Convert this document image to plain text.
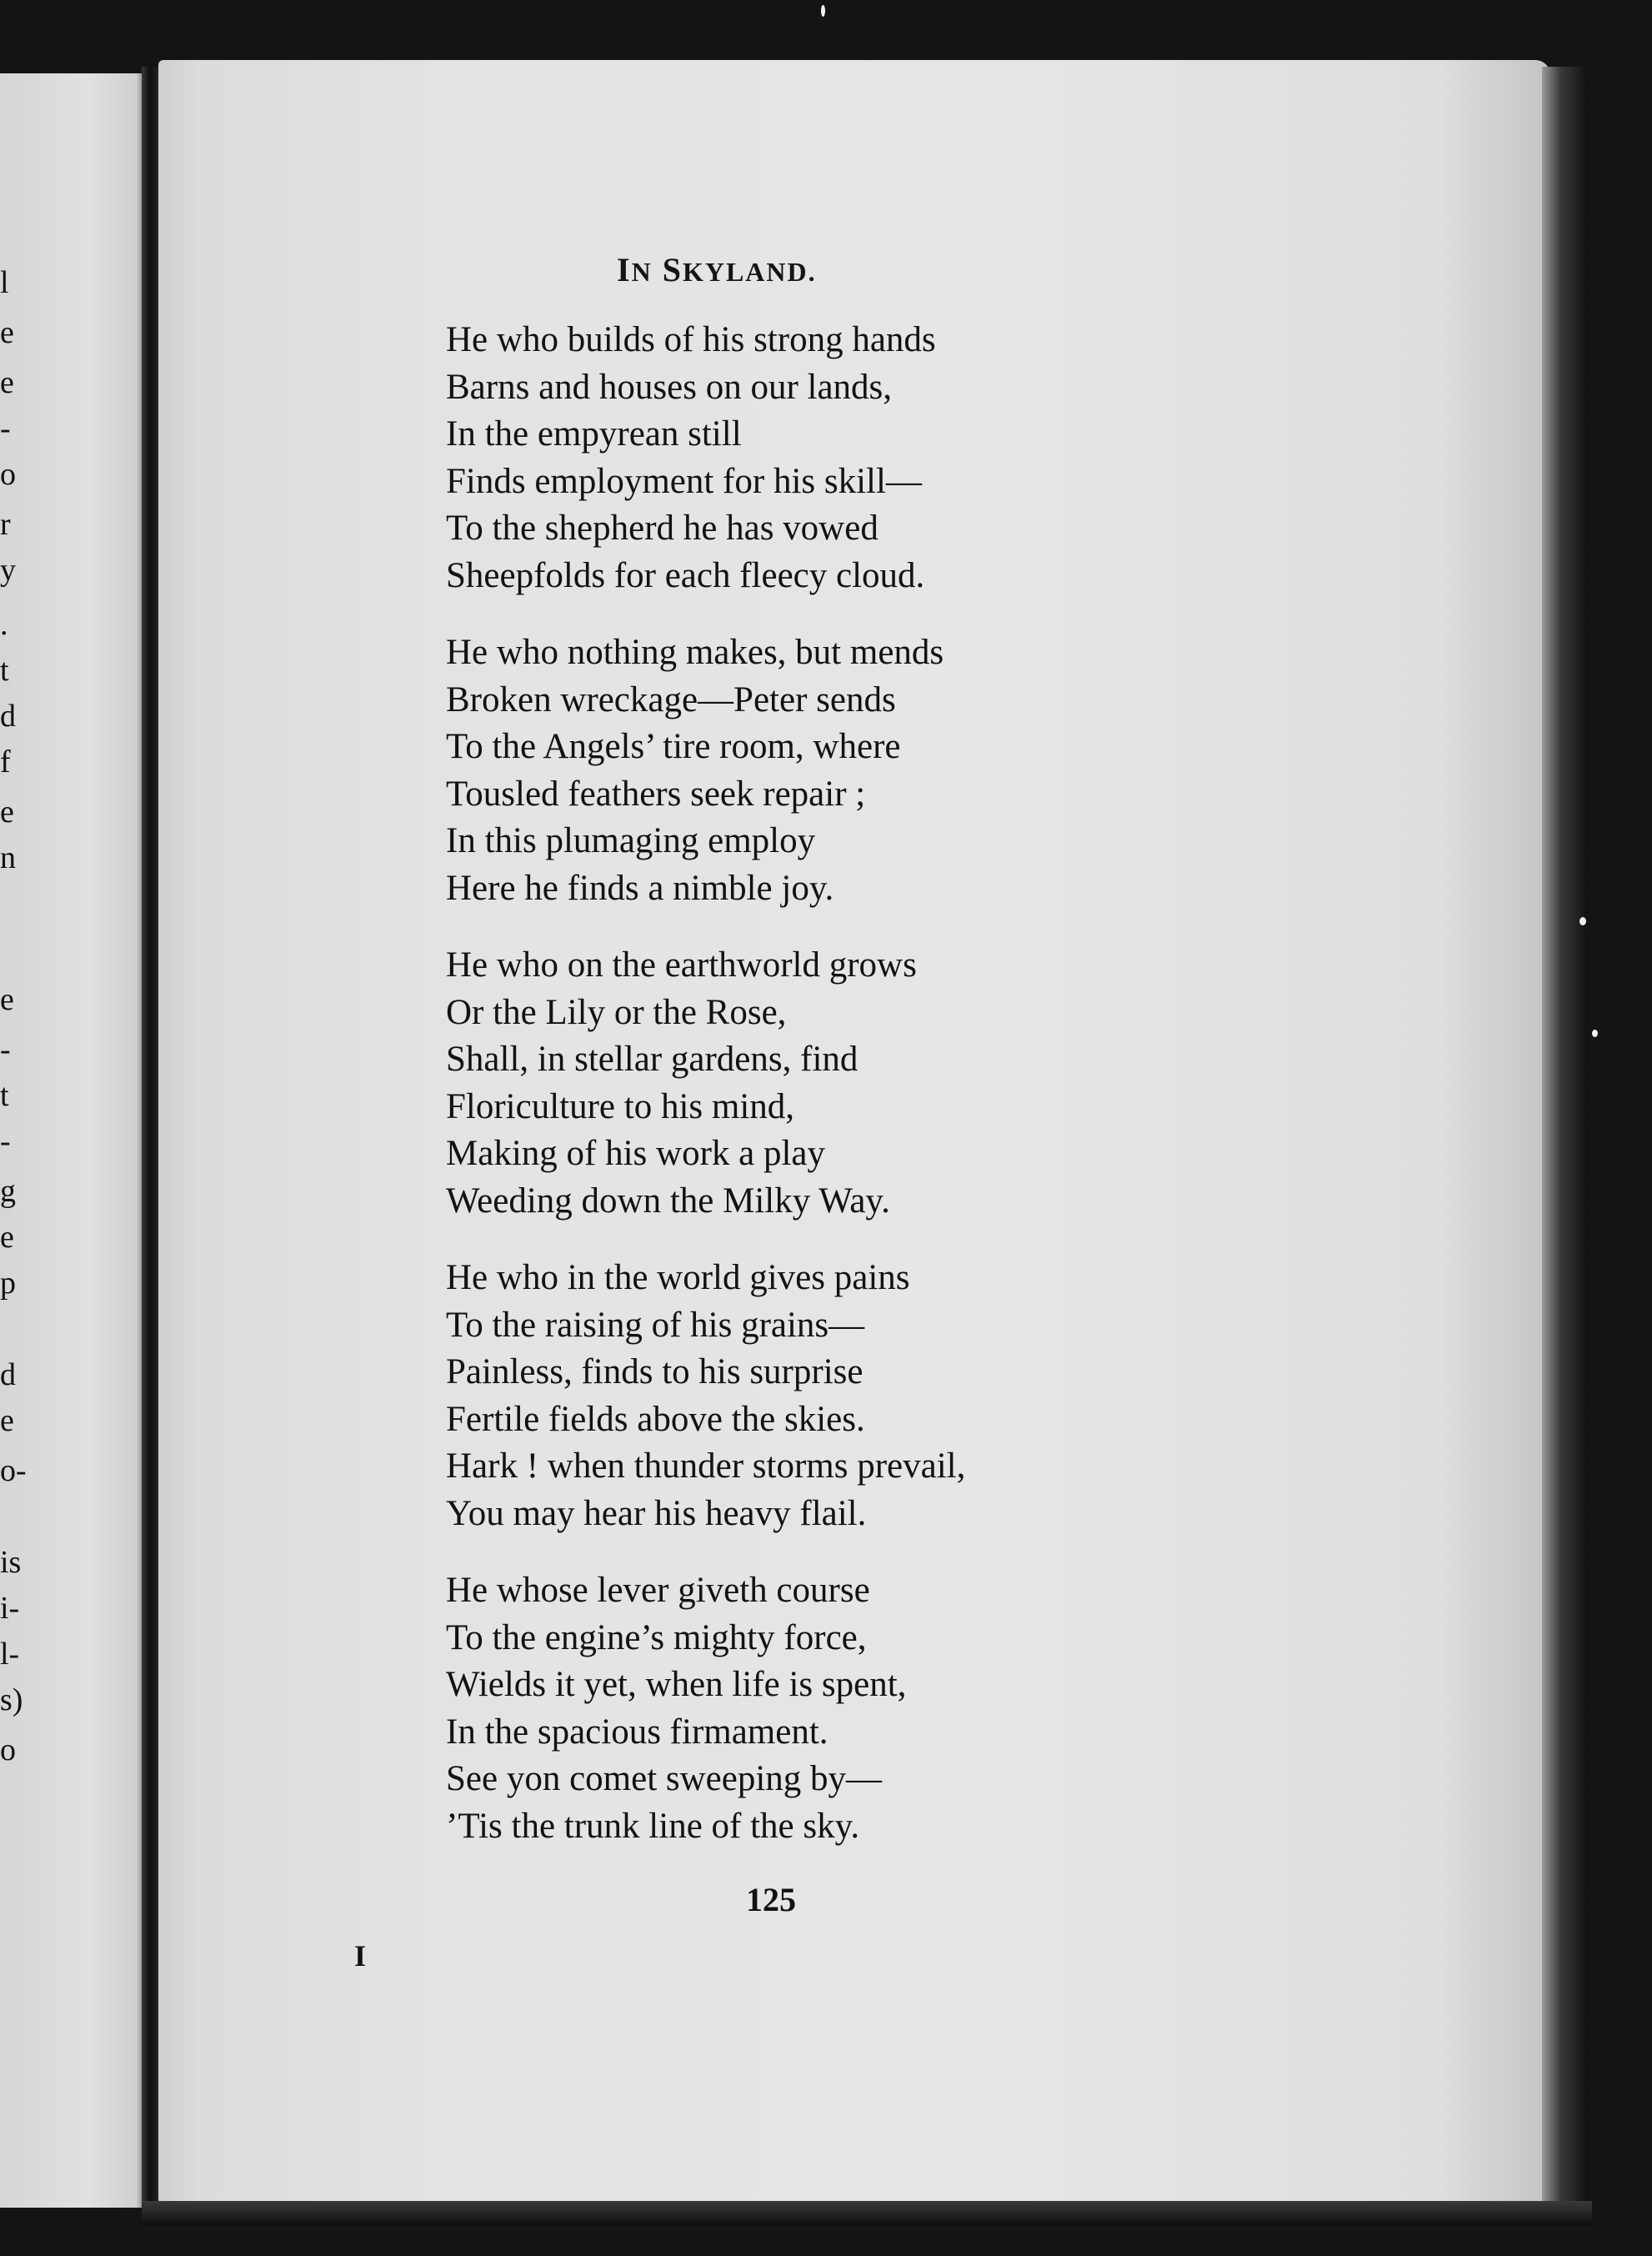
l
e
e
-
o
r
y
.
t
d
f
e
n
e
-
t
-
g
e
p
d
e
o-
is
i-
l-
s)
o
IN SKYLAND.
He who builds of his strong hands
Barns and houses on our lands,
In the empyrean still
Finds employment for his skill—
To the shepherd he has vowed
Sheepfolds for each fleecy cloud.
He who nothing makes, but mends
Broken wreckage—Peter sends
To the Angels’ tire room, where
Tousled feathers seek repair ;
In this plumaging employ
Here he finds a nimble joy.
He who on the earthworld grows
Or the Lily or the Rose,
Shall, in stellar gardens, find
Floriculture to his mind,
Making of his work a play
Weeding down the Milky Way.
He who in the world gives pains
To the raising of his grains—
Painless, finds to his surprise
Fertile fields above the skies.
Hark ! when thunder storms prevail,
You may hear his heavy flail.
He whose lever giveth course
To the engine’s mighty force,
Wields it yet, when life is spent,
In the spacious firmament.
See yon comet sweeping by—
’Tis the trunk line of the sky.
125
I
